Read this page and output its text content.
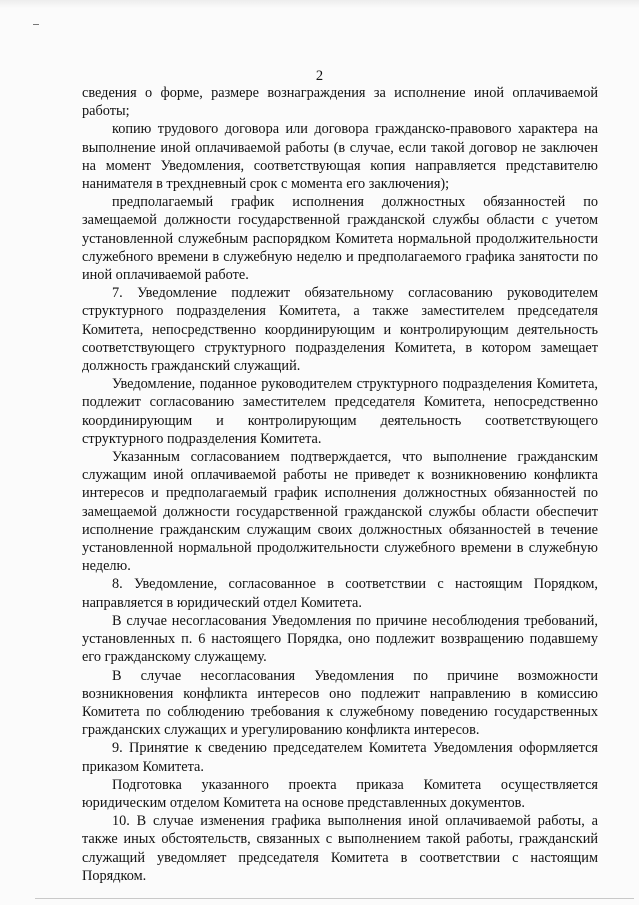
2

сведения о форме, размере вознаграждения за исполнение иной оплачиваемой работы;

копию трудового договора или договора гражданско-правового характера на выполнение иной оплачиваемой работы (в случае, если такой договор не заключен на момент Уведомления, соответствующая копия направляется представителю нанимателя в трехдневный срок с момента его заключения);

предполагаемый график исполнения должностных обязанностей по замещаемой должности государственной гражданской службы области с учетом установленной служебным распорядком Комитета нормальной продолжительности служебного времени в служебную неделю и предполагаемого графика занятости по иной оплачиваемой работе.

7. Уведомление подлежит обязательному согласованию руководителем структурного подразделения Комитета, а также заместителем председателя Комитета, непосредственно координирующим и контролирующим деятельность соответствующего структурного подразделения Комитета, в котором замещает должность гражданский служащий.

Уведомление, поданное руководителем структурного подразделения Комитета, подлежит согласованию заместителем председателя Комитета, непосредственно координирующим и контролирующим деятельность соответствующего структурного подразделения Комитета.

Указанным согласованием подтверждается, что выполнение гражданским служащим иной оплачиваемой работы не приведет к возникновению конфликта интересов и предполагаемый график исполнения должностных обязанностей по замещаемой должности государственной гражданской службы области обеспечит исполнение гражданским служащим своих должностных обязанностей в течение установленной нормальной продолжительности служебного времени в служебную неделю.

8. Уведомление, согласованное в соответствии с настоящим Порядком, направляется в юридический отдел Комитета.

В случае несогласования Уведомления по причине несоблюдения требований, установленных п. 6 настоящего Порядка, оно подлежит возвращению подавшему его гражданскому служащему.

В случае несогласования Уведомления по причине возможности возникновения конфликта интересов оно подлежит направлению в комиссию Комитета по соблюдению требования к служебному поведению государственных гражданских служащих и урегулированию конфликта интересов.

9. Принятие к сведению председателем Комитета Уведомления оформляется приказом Комитета.

Подготовка указанного проекта приказа Комитета осуществляется юридическим отделом Комитета на основе представленных документов.

10. В случае изменения графика выполнения иной оплачиваемой работы, а также иных обстоятельств, связанных с выполнением такой работы, гражданский служащий уведомляет председателя Комитета в соответствии с настоящим Порядком.
